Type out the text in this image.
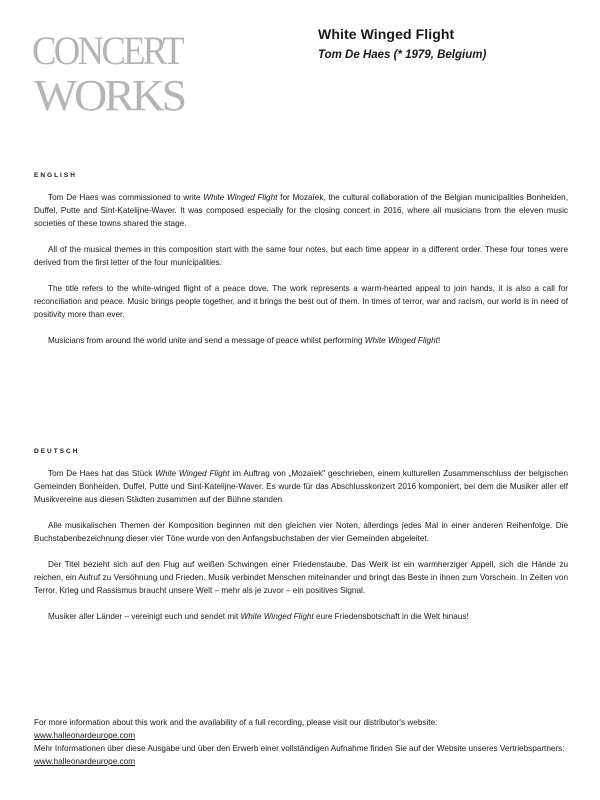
CONCERT
WORKS
White Winged Flight
Tom De Haes (* 1979, Belgium)
ENGLISH

Tom De Haes was commissioned to write White Winged Flight for Mozaïek, the cultural collaboration of the Belgian municipalities Bonheiden, Duffel, Putte and Sint-Katelijne-Waver. It was composed especially for the closing concert in 2016, where all musicians from the eleven music societies of these towns shared the stage.

All of the musical themes in this composition start with the same four notes, but each time appear in a different order. These four tones were derived from the first letter of the four municipalities.

The title refers to the white-winged flight of a peace dove. The work represents a warm-hearted appeal to join hands, it is also a call for reconciliation and peace. Music brings people together, and it brings the best out of them. In times of terror, war and racism, our world is in need of positivity more than ever.

Musicians from around the world unite and send a message of peace whilst performing White Winged Flight!

DEUTSCH

Tom De Haes hat das Stück White Winged Flight im Auftrag von „Mozaïek" geschrieben, einem kulturellen Zusammenschluss der belgischen Gemeinden Bonheiden, Duffel, Putte und Sint-Katelijne-Waver. Es wurde für das Abschlusskonzert 2016 komponiert, bei dem die Musiker aller elf Musikvereine aus diesen Städten zusammen auf der Bühne standen.

Alle musikalischen Themen der Komposition beginnen mit den gleichen vier Noten, allerdings jedes Mal in einer anderen Reihenfolge. Die Buchstabenbezeichnung dieser vier Töne wurde von den Anfangsbuchstaben der vier Gemeinden abgeleitet.

Der Titel bezieht sich auf den Flug auf weißen Schwingen einer Friedenstaube. Das Werk ist ein warmherziger Appell, sich die Hände zu reichen, ein Aufruf zu Versöhnung und Frieden. Musik verbindet Menschen miteinander und bringt das Beste in ihnen zum Vorschein. In Zeiten von Terror, Krieg und Rassismus braucht unsere Welt – mehr als je zuvor – ein positives Signal.

Musiker aller Länder – vereinigt euch und sendet mit White Winged Flight eure Friedensbotschaft in die Welt hinaus!

For more information about this work and the availability of a full recording, please visit our distributor's website:
www.halleonardeurope.com
Mehr Informationen über diese Ausgabe und über den Erwerb einer vollständigen Aufnahme finden Sie auf der Website unseres Vertriebspartners: www.halleonardeurope.com
